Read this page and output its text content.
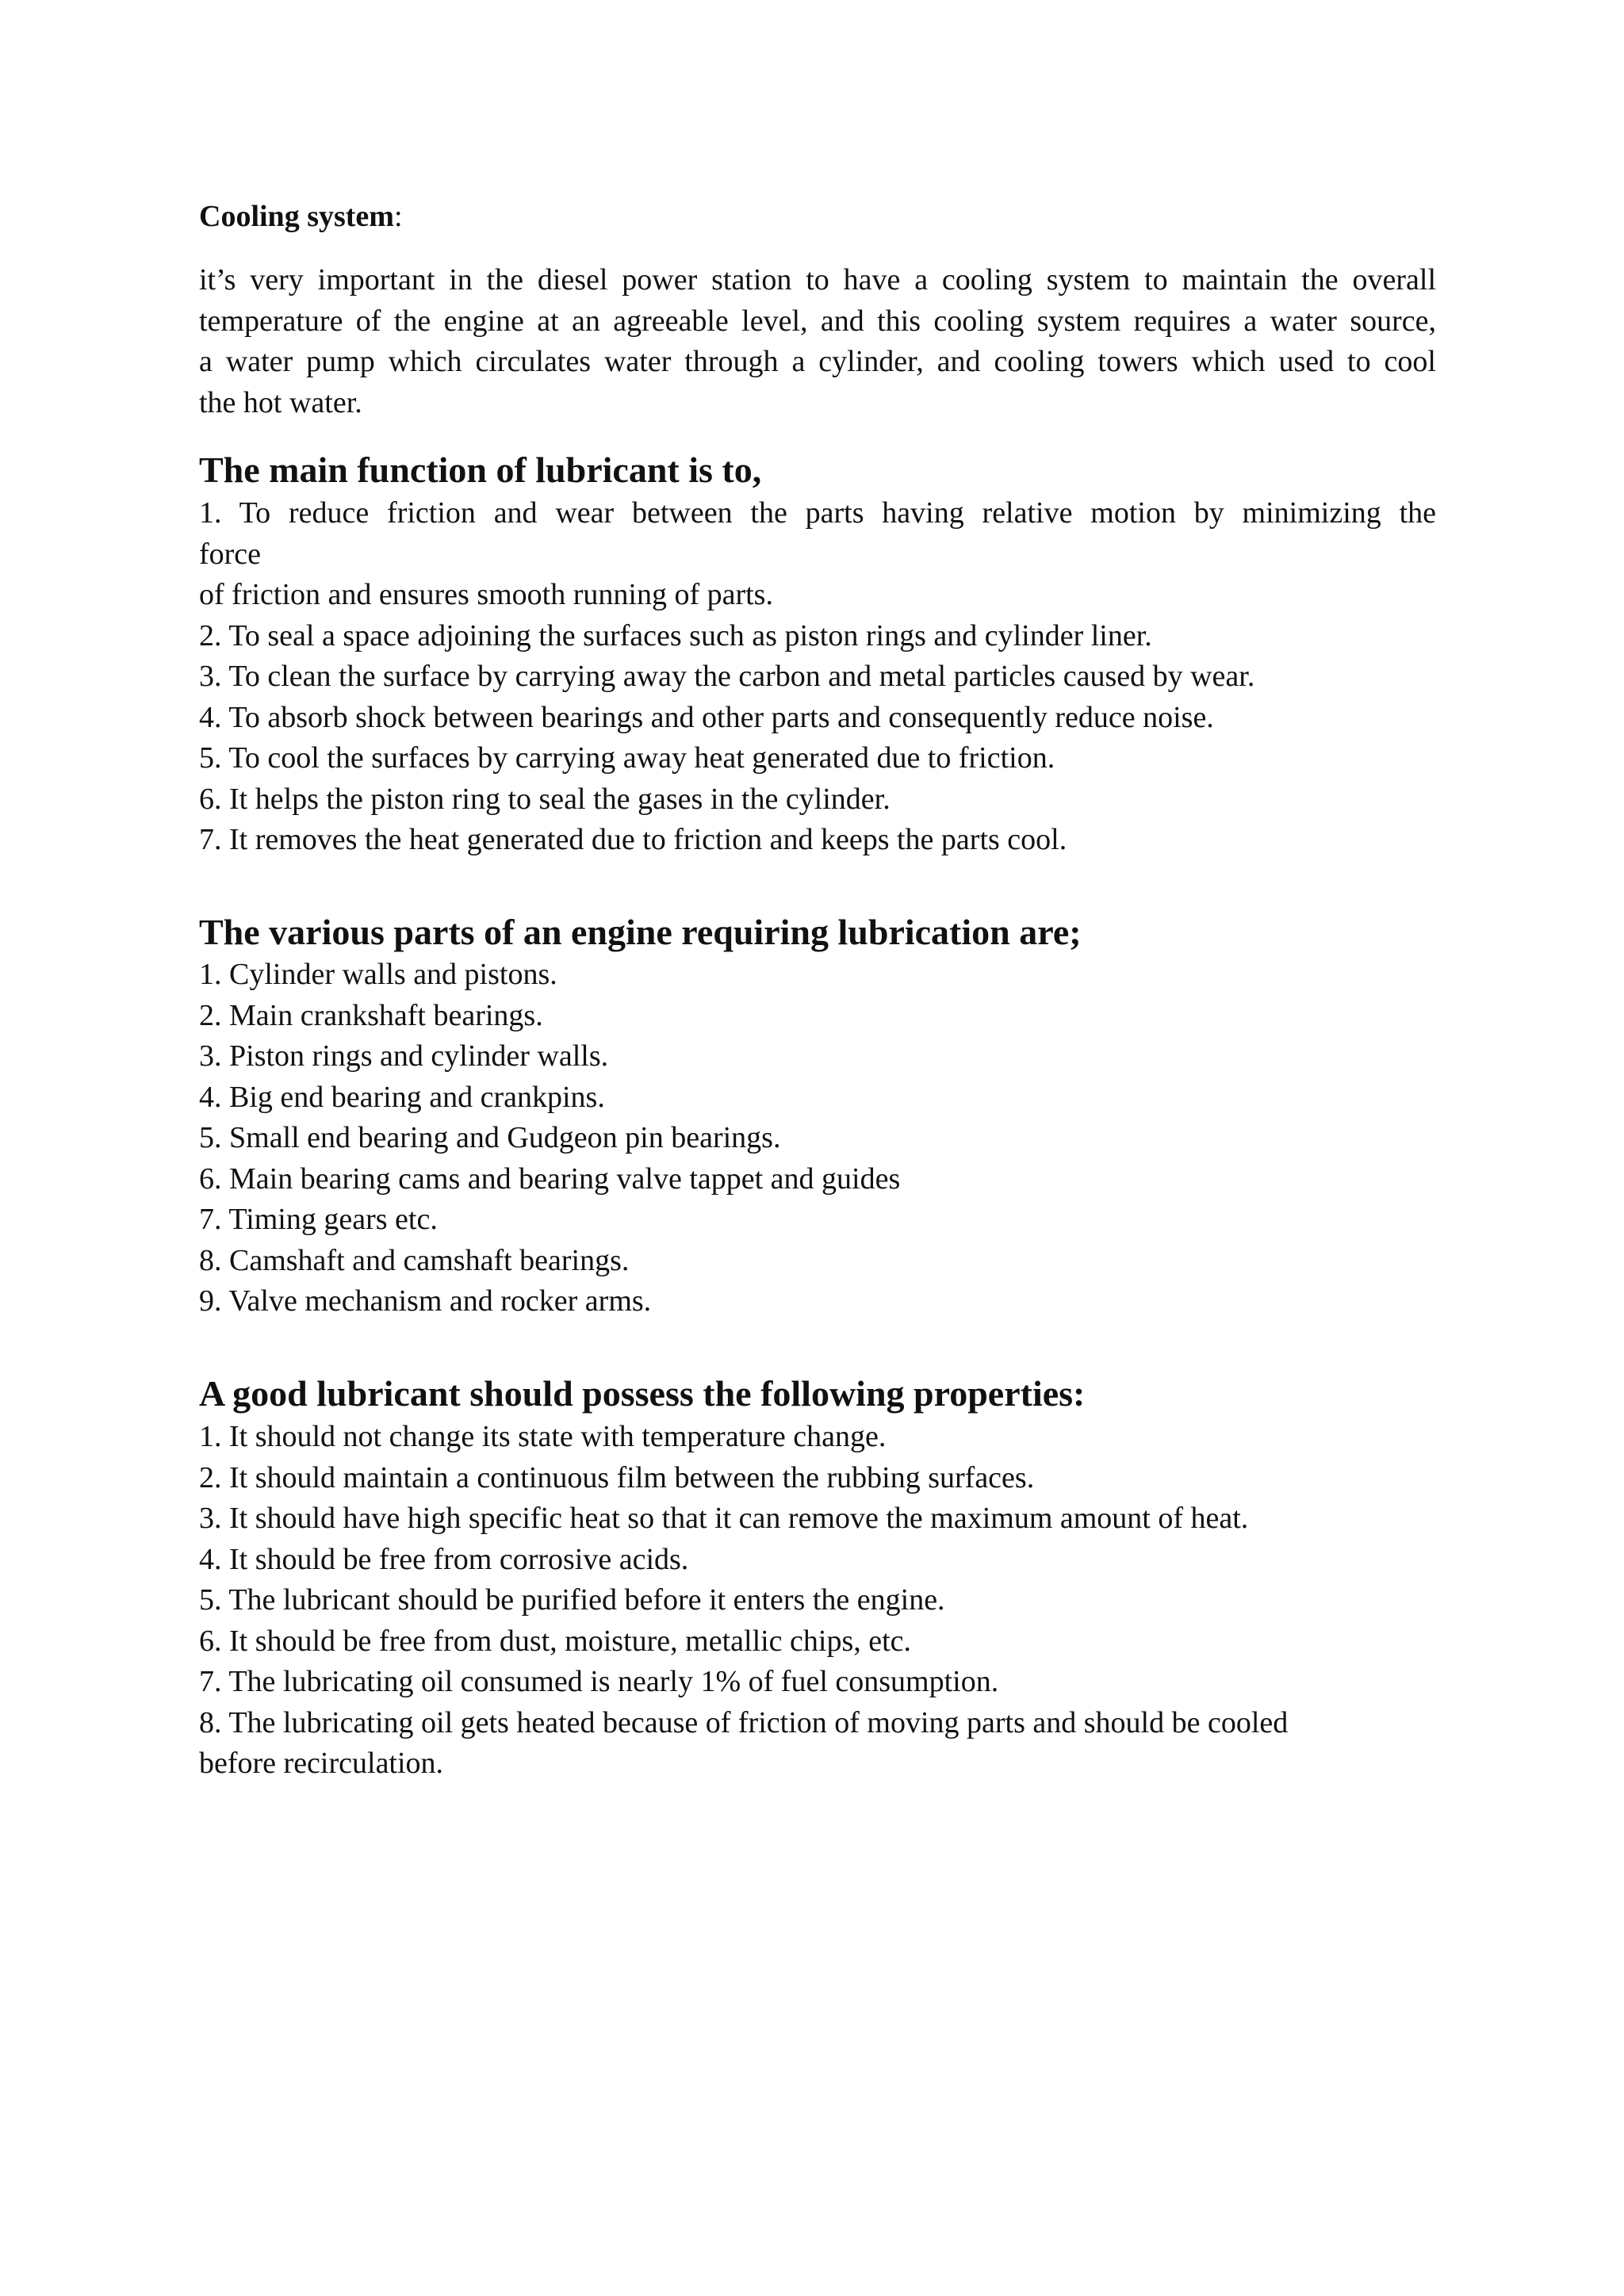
Cooling system:

it’s very important in the diesel power station to have a cooling system to maintain the overall
temperature of the engine at an agreeable level, and this cooling system requires a water source,
a water pump which circulates water through a cylinder, and cooling towers which used to cool
the hot water.

The main function of lubricant is to,
1. To reduce friction and wear between the parts having relative motion by minimizing the
force
of friction and ensures smooth running of parts.
2. To seal a space adjoining the surfaces such as piston rings and cylinder liner.
3. To clean the surface by carrying away the carbon and metal particles caused by wear.
4. To absorb shock between bearings and other parts and consequently reduce noise.
5. To cool the surfaces by carrying away heat generated due to friction.
6. It helps the piston ring to seal the gases in the cylinder.
7. It removes the heat generated due to friction and keeps the parts cool.
The various parts of an engine requiring lubrication are;
1. Cylinder walls and pistons.
2. Main crankshaft bearings.
3. Piston rings and cylinder walls.
4. Big end bearing and crankpins.
5. Small end bearing and Gudgeon pin bearings.
6. Main bearing cams and bearing valve tappet and guides
7. Timing gears etc.
8. Camshaft and camshaft bearings.
9. Valve mechanism and rocker arms.
A good lubricant should possess the following properties:
1. It should not change its state with temperature change.
2. It should maintain a continuous film between the rubbing surfaces.
3. It should have high specific heat so that it can remove the maximum amount of heat.
4. It should be free from corrosive acids.
5. The lubricant should be purified before it enters the engine.
6. It should be free from dust, moisture, metallic chips, etc.
7. The lubricating oil consumed is nearly 1% of fuel consumption.
8. The lubricating oil gets heated because of friction of moving parts and should be cooled
before recirculation.
